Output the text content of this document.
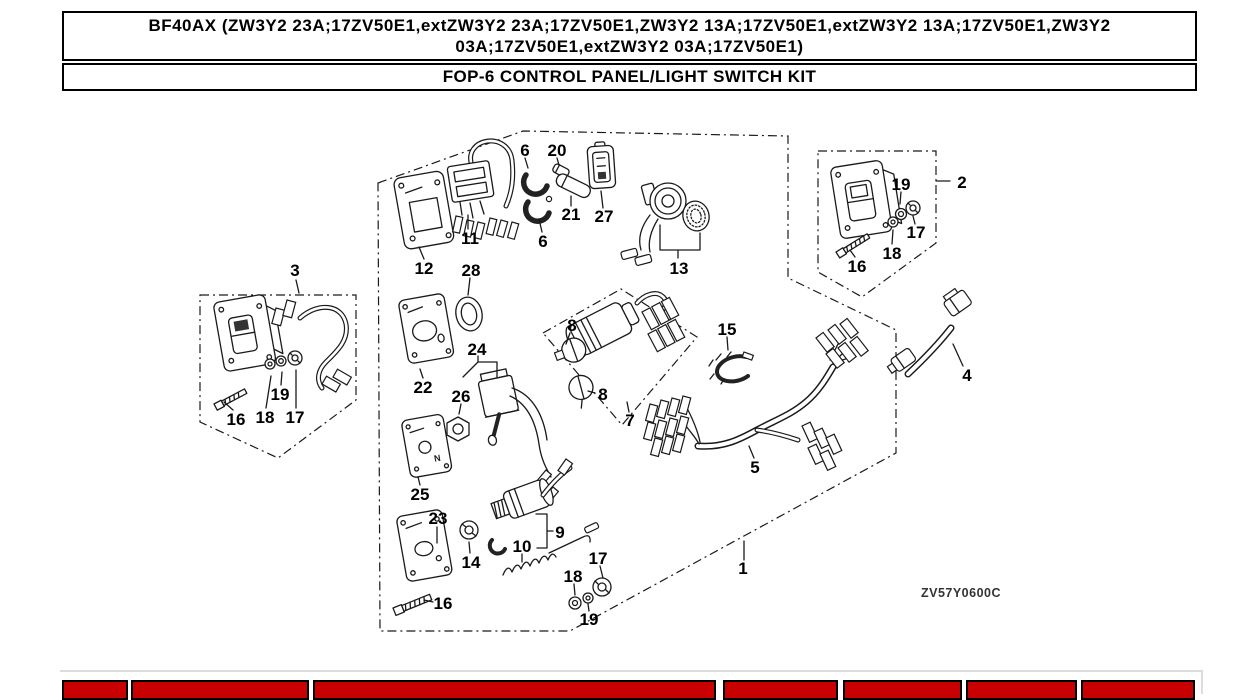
BF40AX (ZW3Y2 23A;17ZV50E1,extZW3Y2 23A;17ZV50E1,ZW3Y2 13A;17ZV50E1,extZW3Y2 13A;17ZV50E1,ZW3Y2 03A;17ZV50E1,extZW3Y2 03A;17ZV50E1)
FOP-6 CONTROL PANEL/LIGHT SWITCH KIT
N
1
2
3
4
5
6
6
7
8
8
9
10
11
12	13
14
15
16
16
16
17
17
17
18
18
18
19
19
19
20
21
22
23
24
25
26
27
28
ZV57Y0600C
